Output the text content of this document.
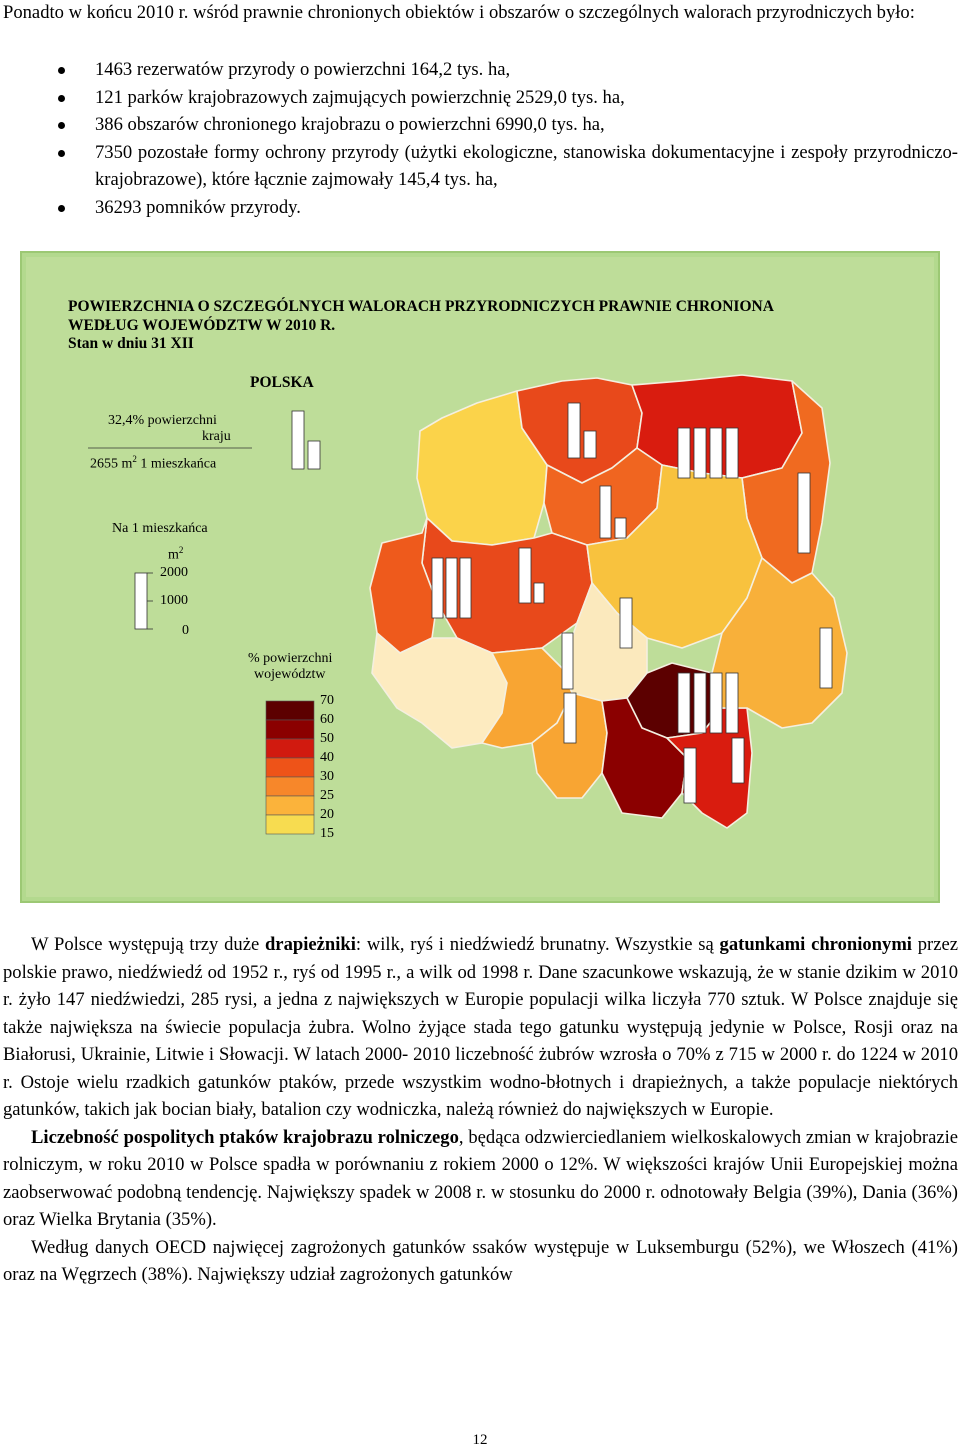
Ponadto w końcu 2010 r. wśród prawnie chronionych obiektów i obszarów o szczególnych walorach przyrodniczych było:

1463 rezerwatów przyrody o powierzchni 164,2 tys. ha,
121 parków krajobrazowych zajmujących powierzchnię 2529,0 tys. ha,
386 obszarów chronionego krajobrazu o powierzchni 6990,0 tys. ha,
7350 pozostałe formy ochrony przyrody (użytki ekologiczne, stanowiska dokumentacyjne i zespoły przyrodniczo-krajobrazowe), które łącznie zajmowały 145,4 tys. ha,
36293 pomników przyrody.
POWIERZCHNIA O SZCZEGÓLNYCH WALORACH PRZYRODNICZYCH PRAWNIE CHRONIONA
WEDŁUG WOJEWÓDZTW W 2010 R.
Stan w dniu 31 XII
POLSKA
32,4% powierzchni
kraju
2655 $m^2$ 1 mieszkańca
Na 1 mieszkańca
$m^2$
2000
1000
0
% powierzchni
województw
70
60
50
40
30
25
20
15

W Polsce występują trzy duże drapieżniki: wilk, ryś i niedźwiedź brunatny. Wszystkie są gatunkami chronionymi przez polskie prawo, niedźwiedź od 1952 r., ryś od 1995 r., a wilk od 1998 r. Dane szacunkowe wskazują, że w stanie dzikim w 2010 r. żyło 147 niedźwiedzi, 285 rysi, a jedna z największych w Europie populacji wilka liczyła 770 sztuk. W Polsce znajduje się także największa na świecie populacja żubra. Wolno żyjące stada tego gatunku występują jedynie w Polsce, Rosji oraz na Białorusi, Ukrainie, Litwie i Słowacji. W latach 2000- 2010 liczebność żubrów wzrosła o 70% z 715 w 2000 r. do 1224 w 2010 r. Ostoje wielu rzadkich gatunków ptaków, przede wszystkim wodno-błotnych i drapieżnych, a także populacje niektórych gatunków, takich jak bocian biały, batalion czy wodniczka, należą również do największych w Europie.

Liczebność pospolitych ptaków krajobrazu rolniczego, będąca odzwierciedlaniem wielkoskalowych zmian w krajobrazie rolniczym, w roku 2010 w Polsce spadła w porównaniu z rokiem 2000 o 12%. W większości krajów Unii Europejskiej można zaobserwować podobną tendencję. Największy spadek w 2008 r. w stosunku do 2000 r. odnotowały Belgia (39%), Dania (36%) oraz Wielka Brytania (35%).

Według danych OECD najwięcej zagrożonych gatunków ssaków występuje w Luksemburgu (52%), we Włoszech (41%) oraz na Węgrzech (38%). Największy udział zagrożonych gatunków

12
